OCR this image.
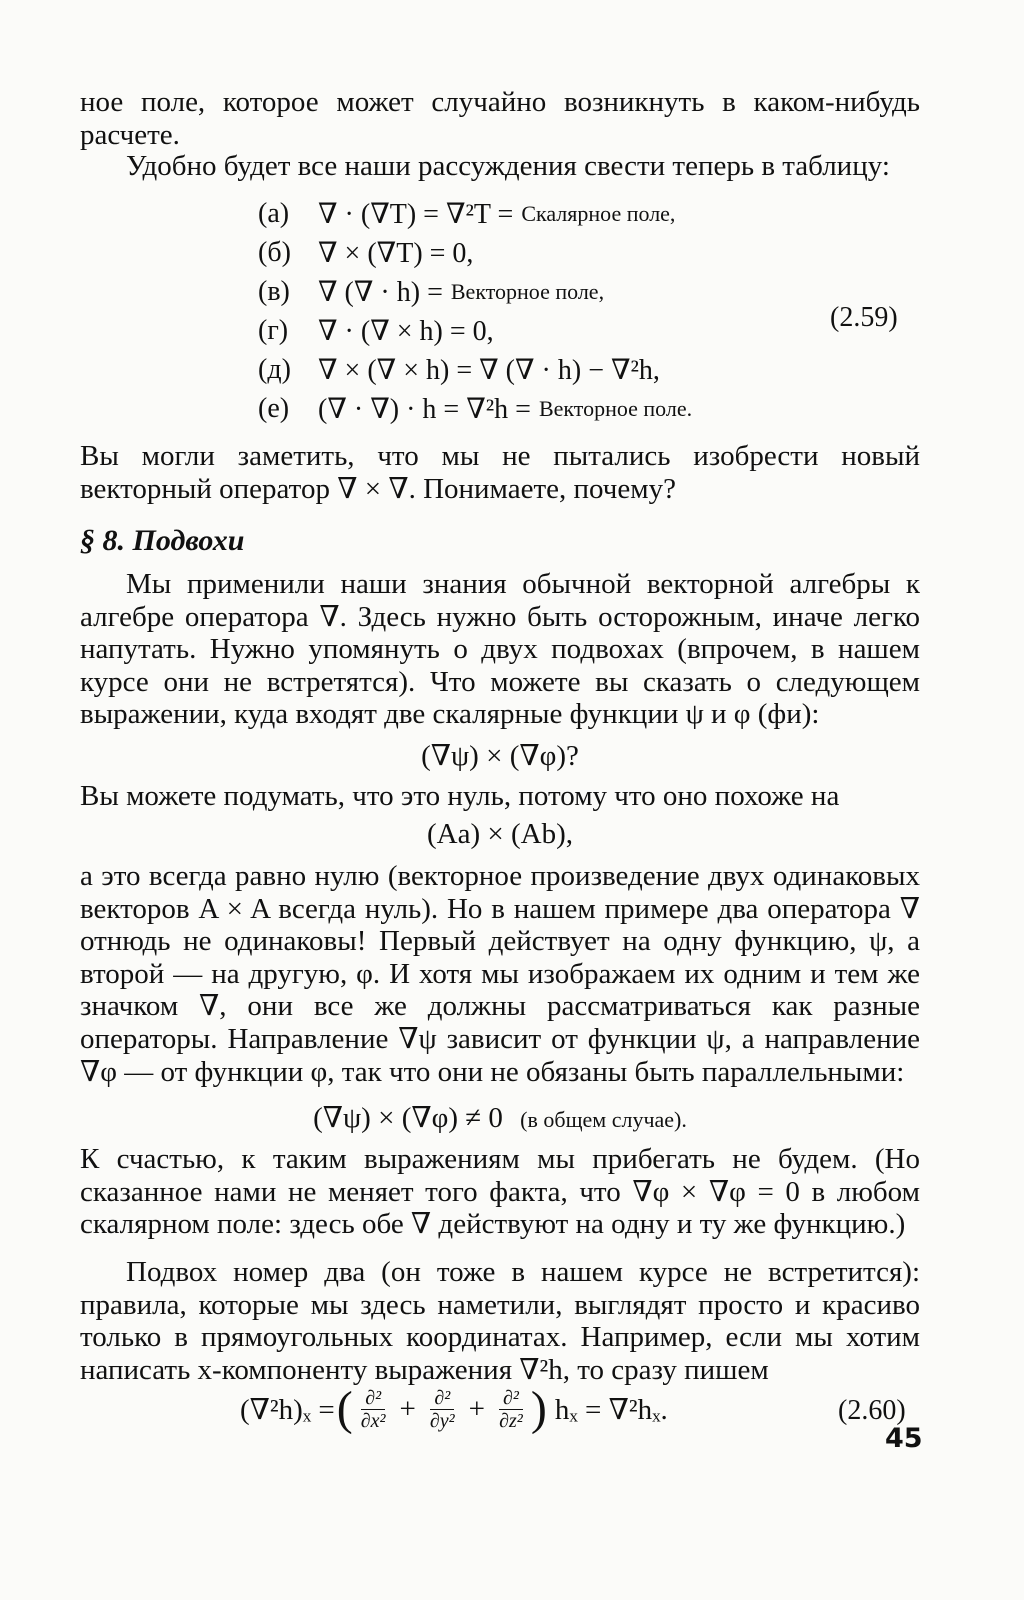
ное поле, которое может случайно возникнуть в каком-нибудь расчете.

Удобно будет все наши рассуждения свести теперь в таблицу:

(а)	∇ · (∇T) = ∇²T = Скалярное поле,
(б) ∇ × (∇T) = 0,
(в)	∇ (∇ · h) = Векторное поле,
(г)	∇ · (∇ × h) = 0,
(д) ∇ × (∇ × h) = ∇ (∇ · h) − ∇²h,
(е)	(∇ · ∇) · h = ∇²h = Векторное поле.
(2.59)

Вы могли заметить, что мы не пытались изобрести новый векторный оператор ∇ × ∇. Понимаете, почему?

§ 8. Подвохи

Мы применили наши знания обычной векторной алгебры к алгебре оператора ∇. Здесь нужно быть осторожным, иначе легко напутать. Нужно упомянуть о двух подвохах (впрочем, в нашем курсе они не встретятся). Что можете вы сказать о следующем выражении, куда входят две скалярные функции ψ и φ (фи):

(∇ψ) × (∇φ)?

Вы можете подумать, что это нуль, потому что оно похоже на

(Aa) × (Ab),

а это всегда равно нулю (векторное произведение двух одинаковых векторов A × A всегда нуль). Но в нашем примере два оператора ∇ отнюдь не одинаковы! Первый действует на одну функцию, ψ, а второй — на другую, φ. И хотя мы изображаем их одним и тем же значком ∇, они все же должны рассматриваться как разные операторы. Направление ∇ψ зависит от функции ψ, а направление ∇φ — от функции φ, так что они не обязаны быть параллельными:

(∇ψ) × (∇φ) ≠ 0 (в общем случае).

К счастью, к таким выражениям мы прибегать не будем. (Но сказанное нами не меняет того факта, что ∇φ × ∇φ = 0 в любом скалярном поле: здесь обе ∇ действуют на одну и ту же функцию.)

Подвох номер два (он тоже в нашем курсе не встретится): правила, которые мы здесь наметили, выглядят просто и красиво только в прямоугольных координатах. Например, если мы хотим написать x-компоненту выражения ∇²h, то сразу пишем

(∇²h)ₓ = ( $\frac{\text{∂²}}{\text{∂x²}} + \frac{\text{∂²}}{\text{∂y²}} + \frac{\text{∂²}}{\text{∂z²}}$ ) hₓ = ∇²hₓ.	(2.60)
45
